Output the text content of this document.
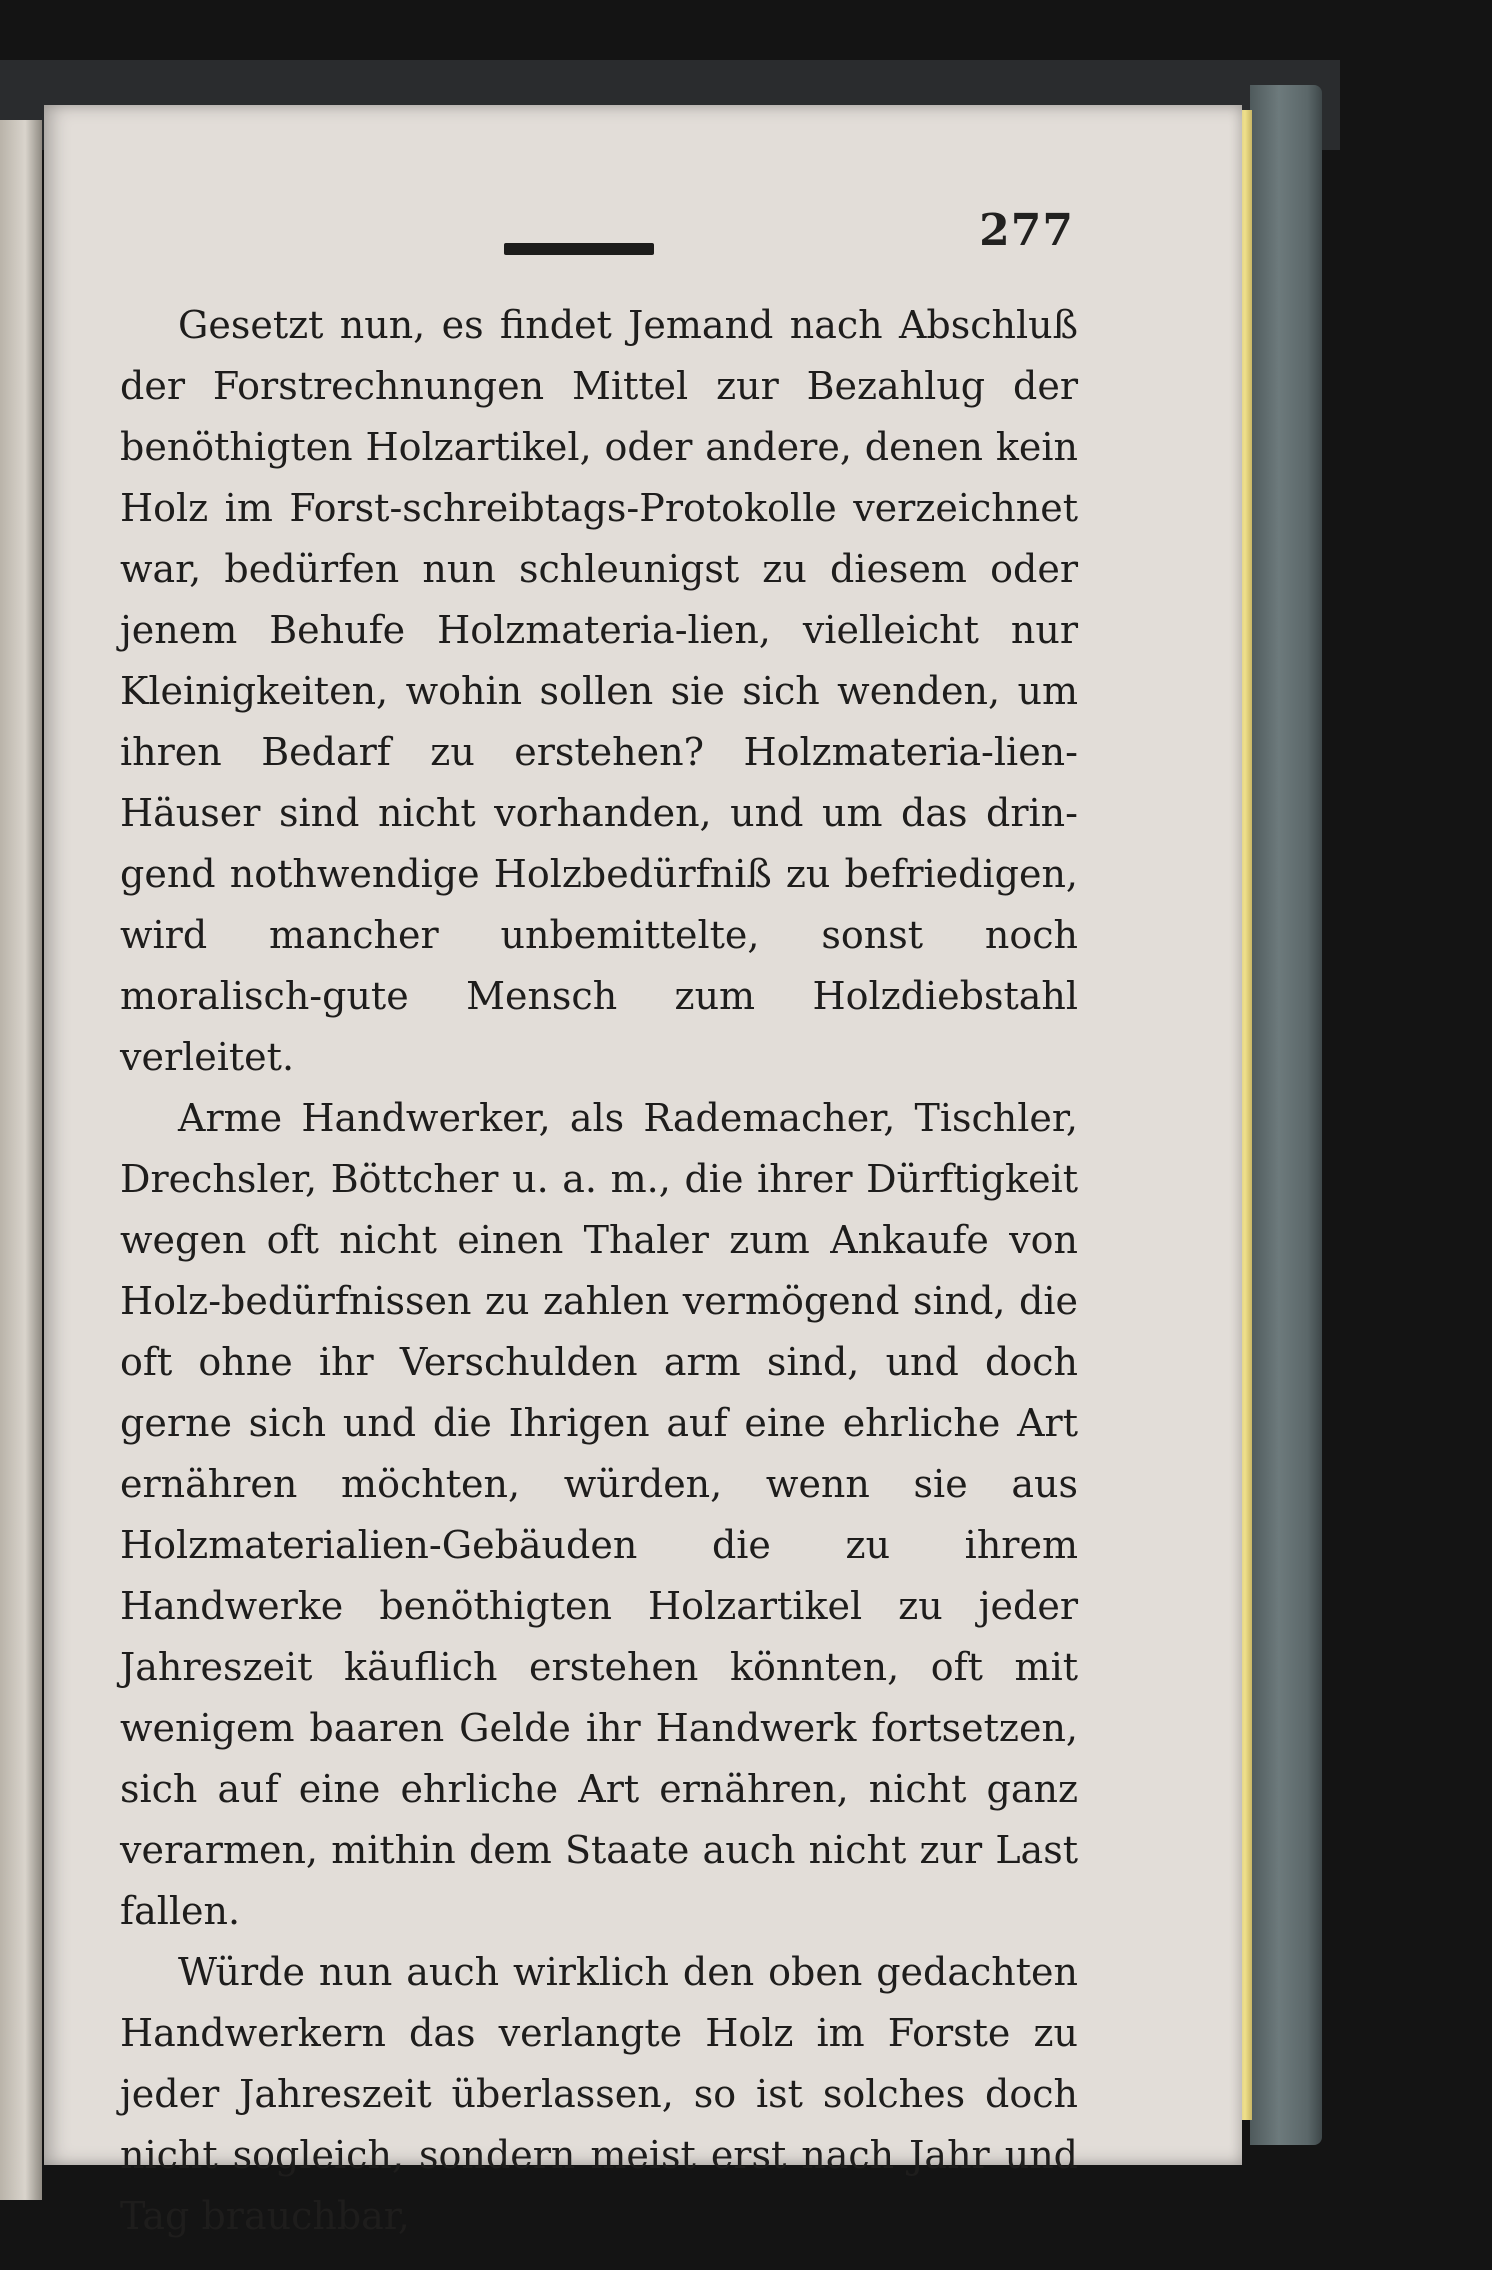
277

Gesetzt nun, es findet Jemand nach Abschluß der Forstrechnungen Mittel zur Bezahlug der benöthigten Holzartikel, oder andere, denen kein Holz im Forst-schreibtags-Protokolle verzeichnet war, bedürfen nun schleunigst zu diesem oder jenem Behufe Holzmateria-lien, vielleicht nur Kleinigkeiten, wohin sollen sie sich wenden, um ihren Bedarf zu erstehen? Holzmateria-lien-Häuser sind nicht vorhanden, und um das drin-gend nothwendige Holzbedürfniß zu befriedigen, wird mancher unbemittelte, sonst noch moralisch-gute Mensch zum Holzdiebstahl verleitet.

Arme Handwerker, als Rademacher, Tischler, Drechsler, Böttcher u. a. m., die ihrer Dürftigkeit wegen oft nicht einen Thaler zum Ankaufe von Holz-bedürfnissen zu zahlen vermögend sind, die oft ohne ihr Verschulden arm sind, und doch gerne sich und die Ihrigen auf eine ehrliche Art ernähren möchten, würden, wenn sie aus Holzmaterialien-Gebäuden die zu ihrem Handwerke benöthigten Holzartikel zu jeder Jahreszeit käuflich erstehen könnten, oft mit wenigem baaren Gelde ihr Handwerk fortsetzen, sich auf eine ehrliche Art ernähren, nicht ganz verarmen, mithin dem Staate auch nicht zur Last fallen.

Würde nun auch wirklich den oben gedachten Handwerkern das verlangte Holz im Forste zu jeder Jahreszeit überlassen, so ist solches doch nicht sogleich, sondern meist erst nach Jahr und Tag brauchbar,
